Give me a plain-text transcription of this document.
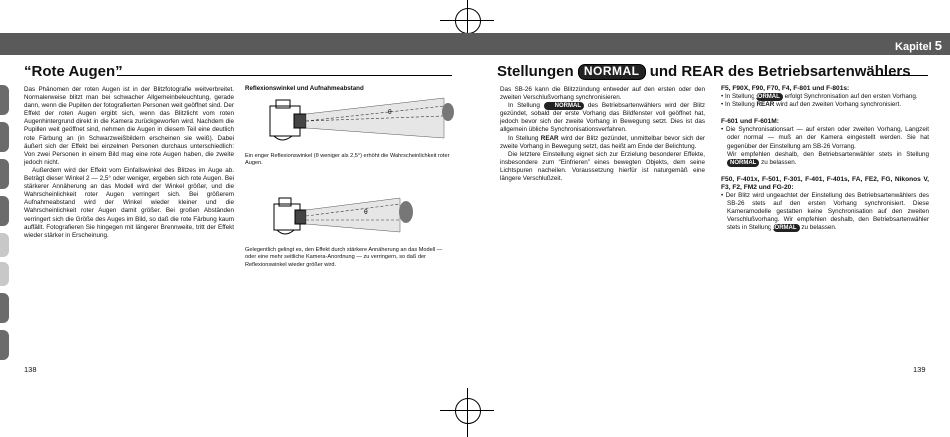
Kapitel 5
“Rote Augen”

Das Phänomen der roten Augen ist in der Blitzfotografie weitverbreitet. Normalerweise blitzt man bei schwacher Allgemeinbeleuchtung, gerade dann, wenn die Pupillen der fotografierten Personen weit geöffnet sind. Der Effekt der roten Augen ergibt sich, wenn das Blitzlicht vom roten Augenhintergrund direkt in die Kamera zurückgeworfen wird. Nachdem die Pupillen weit geöffnet sind, nehmen die Augen in diesem Teil eine deutlich rote Färbung an (in Schwarzweißbildern erscheinen sie weiß). Dabei äußert sich der Effekt bei einzelnen Personen durchaus unterschiedlich: Von zwei Personen in einem Bild mag eine rote Augen haben, die zweite jedoch nicht.

Außerdem wird der Effekt vom Einfallswinkel des Blitzes im Auge ab. Beträgt dieser Winkel 2 — 2,5° oder weniger, ergeben sich rote Augen. Bei stärkerer Annäherung an das Modell wird der Winkel größer, und die Wahrscheinlichkeit roter Augen verringert sich. Bei größerem Aufnahmeabstand wird der Winkel wieder kleiner und die Wahrscheinlichkeit roter Augen damit größer. Bei großen Abständen verringert sich die Größe des Auges im Bild, so daß die rote Färbung kaum auffällt. Fotografieren Sie hingegen mit längerer Brennweite, tritt der Effekt wieder stärker in Erscheinung.

Reflexionswinkel und Aufnahmeabstand
θ
Ein enger Reflexionswinkel (θ weniger als 2,5°) erhöht die Wahrscheinlichkeit roter Augen.
θ
Gelegentlich gelingt es, den Effekt durch stärkere Annäherung an das Modell — oder eine mehr seitliche Kamera-Anordnung — zu verringern, so daß der Reflexionswinkel wieder größer wird.
138
Stellungen NORMAL und REAR des Betriebsartenwählers

Das SB-26 kann die Blitzzündung entweder auf den ersten oder den zweiten Verschlußvorhang synchronisieren.

In Stellung NORMAL des Betriebsartenwählers wird der Blitz gezündet, sobald der erste Vorhang das Bildfenster voll geöffnet hat, jedoch bevor sich der zweite Vorhang in Bewegung setzt. Dies ist das allgemein übliche Synchronisationsverfahren.

In Stellung REAR wird der Blitz gezündet, unmittelbar bevor sich der zweite Vorhang in Bewegung setzt, das heißt am Ende der Belichtung.

Die letztere Einstellung eignet sich zur Erzielung besonderer Effekte, insbesondere zum “Einfrieren” eines bewegten Objekts, dem seine Lichtspuren nacheilen. Voraussetzung hierfür ist naturgemäß eine längere Verschlußzeit.

F5, F90X, F90, F70, F4, F-801 und F-801s:

• In Stellung NORMAL erfolgt Synchronisation auf den ersten Vorhang.

• In Stellung REAR wird auf den zweiten Vorhang synchronisiert.

F-601 und F-601M:

• Die Synchronisationsart — auf ersten oder zweiten Vorhang, Langzeit oder normal — muß an der Kamera eingestellt werden. Sie hat gegenüber der Einstellung am SB-26 Vorrang.

Wir empfehlen deshalb, den Betriebsartenwähler stets in Stellung NORMAL zu belassen.

F50, F-401x, F-501, F-301, F-401, F-401s, FA, FE2, FG, Nikonos V, F3, F2, FM2 und FG-20:

• Der Blitz wird ungeachtet der Einstellung des Betriebsartenwählers des SB-26 stets auf den ersten Vorhang synchronisiert. Diese Kameramodelle gestatten keine Synchronisation auf den zweiten Verschlußvorhang. Wir empfehlen deshalb, den Betriebsartenwähler stets in Stellung NORMAL zu belassen.

139
